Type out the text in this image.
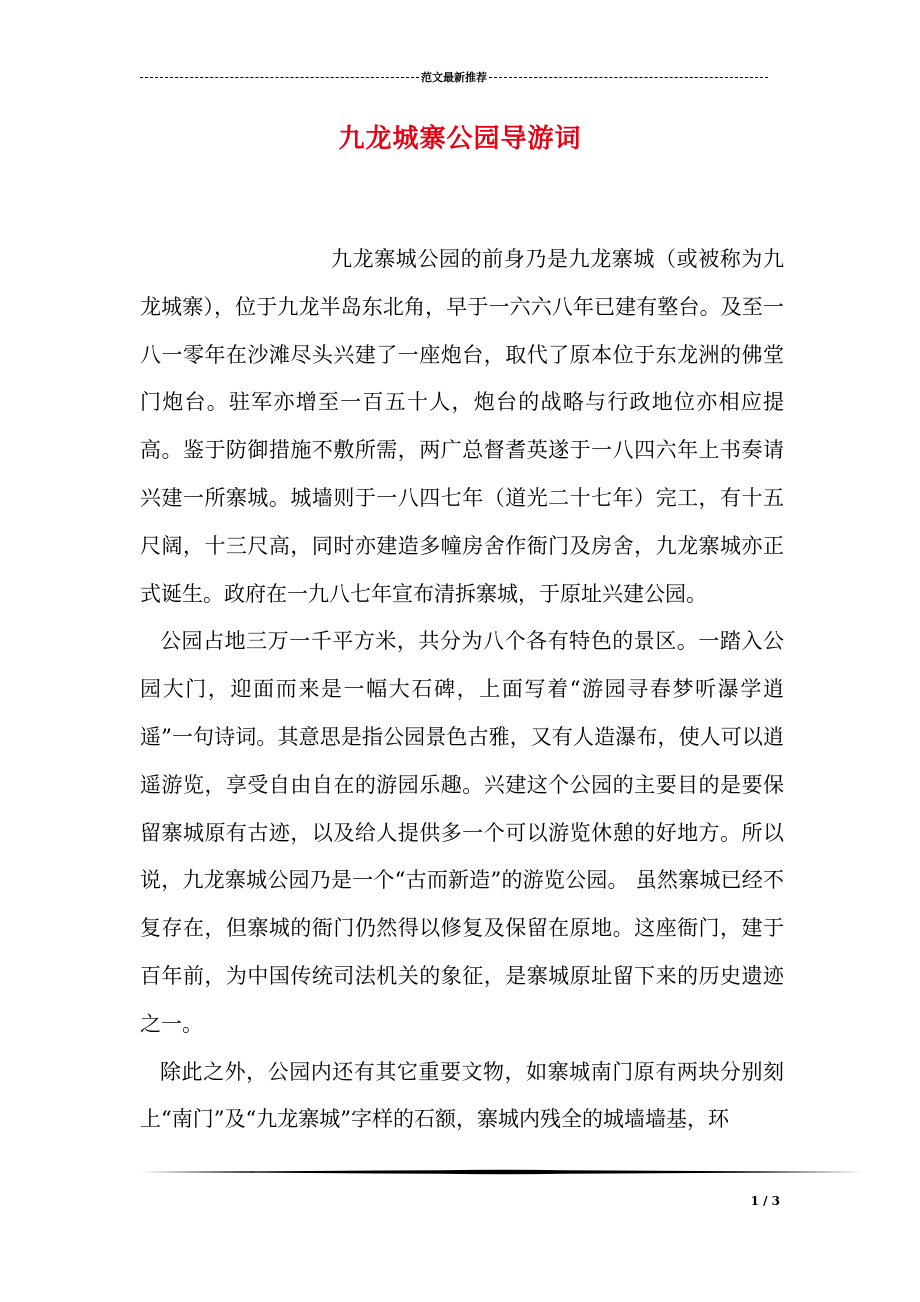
范文最新推荐
九龙城寨公园导游词

九龙寨城公园的前身乃是九龙寨城（或被称为九龙城寨），位于九龙半岛东北角，早于一六六八年已建有墪台。及至一八一零年在沙滩尽头兴建了一座炮台，取代了原本位于东龙洲的佛堂门炮台。驻军亦增至一百五十人，炮台的战略与行政地位亦相应提高。鉴于防御措施不敷所需，两广总督耆英遂于一八四六年上书奏请兴建一所寨城。城墙则于一八四七年（道光二十七年）完工，有十五尺阔，十三尺高，同时亦建造多幢房舍作衙门及房舍，九龙寨城亦正式诞生。政府在一九八七年宣布清拆寨城，于原址兴建公园。

公园占地三万一千平方米，共分为八个各有特色的景区。一踏入公园大门，迎面而来是一幅大石碑，上面写着“游园寻春梦听瀑学逍遥”一句诗词。其意思是指公园景色古雅，又有人造瀑布，使人可以逍遥游览，享受自由自在的游园乐趣。兴建这个公园的主要目的是要保留寨城原有古迹，以及给人提供多一个可以游览休憩的好地方。所以说，九龙寨城公园乃是一个“古而新造”的游览公园。 虽然寨城已经不复存在，但寨城的衙门仍然得以修复及保留在原地。这座衙门，建于百年前，为中国传统司法机关的象征，是寨城原址留下来的历史遗迹之一。

除此之外，公园内还有其它重要文物，如寨城南门原有两块分别刻上“南门”及“九龙寨城”字样的石额，寨城内残全的城墙墙基，环

1 / 3
